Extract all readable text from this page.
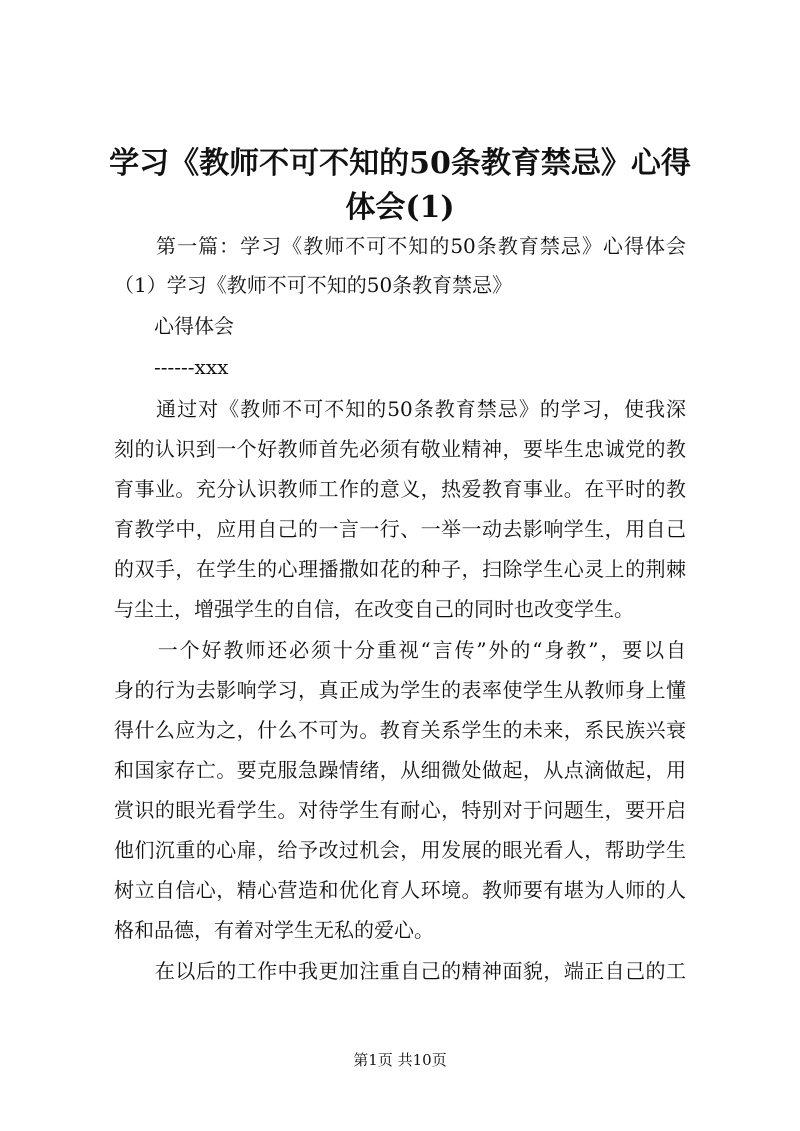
学习《教师不可不知的50条教育禁忌》心得
体会(1)
　　第一篇：学习《教师不可不知的50条教育禁忌》心得体会
（1）学习《教师不可不知的50条教育禁忌》
　　心得体会
　　------xxx
　　通过对《教师不可不知的50条教育禁忌》的学习，使我深
刻的认识到一个好教师首先必须有敬业精神，要毕生忠诚党的教
育事业。充分认识教师工作的意义，热爱教育事业。在平时的教
育教学中，应用自己的一言一行、一举一动去影响学生，用自己
的双手，在学生的心理播撒如花的种子，扫除学生心灵上的荆棘
与尘土，增强学生的自信，在改变自己的同时也改变学生。
　　一个好教师还必须十分重视“言传”外的“身教”，要以自
身的行为去影响学习，真正成为学生的表率使学生从教师身上懂
得什么应为之，什么不可为。教育关系学生的未来，系民族兴衰
和国家存亡。要克服急躁情绪，从细微处做起，从点滴做起，用
赏识的眼光看学生。对待学生有耐心，特别对于问题生，要开启
他们沉重的心扉，给予改过机会，用发展的眼光看人，帮助学生
树立自信心，精心营造和优化育人环境。教师要有堪为人师的人
格和品德，有着对学生无私的爱心。
　　在以后的工作中我更加注重自己的精神面貌，端正自己的工
第1页 共10页
